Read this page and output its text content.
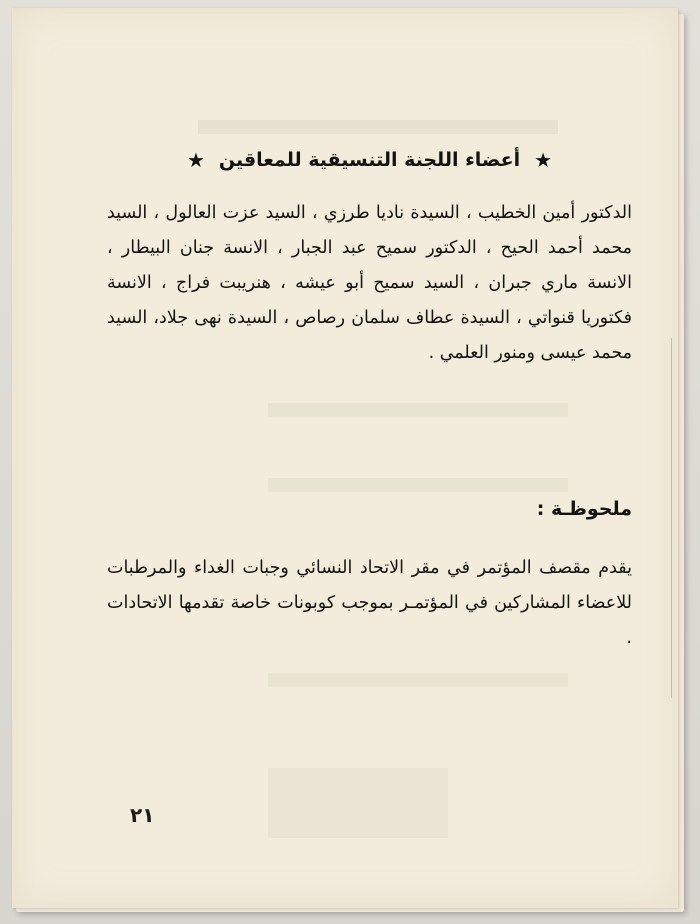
★
أعضاء اللجنة التنسيقية للمعاقين
★

الدكتور أمين الخطيب ، السيدة ناديا طرزي ، السيد عزت العالول ، السيد محمد أحمد الحيح ، الدكتور سميح عبد الجبار ، الانسة جنان البيطار ، الانسة ماري جبران ، السيد سميح أبو عيشه ، هنريبت فراج ، الانسة فكتوريا قنواتي ، السيدة عطاف سلمان رصاص ، السيدة نهى جلاد، السيد محمد عيسى ومنور العلمي .

ملحوظـة :

يقدم مقصف المؤتمر في مقر الاتحاد النسائي وجبات الغداء والمرطبات للاعضاء المشاركين في المؤتمـر بموجب كوبونات خاصة تقدمها الاتحادات .

٢١
